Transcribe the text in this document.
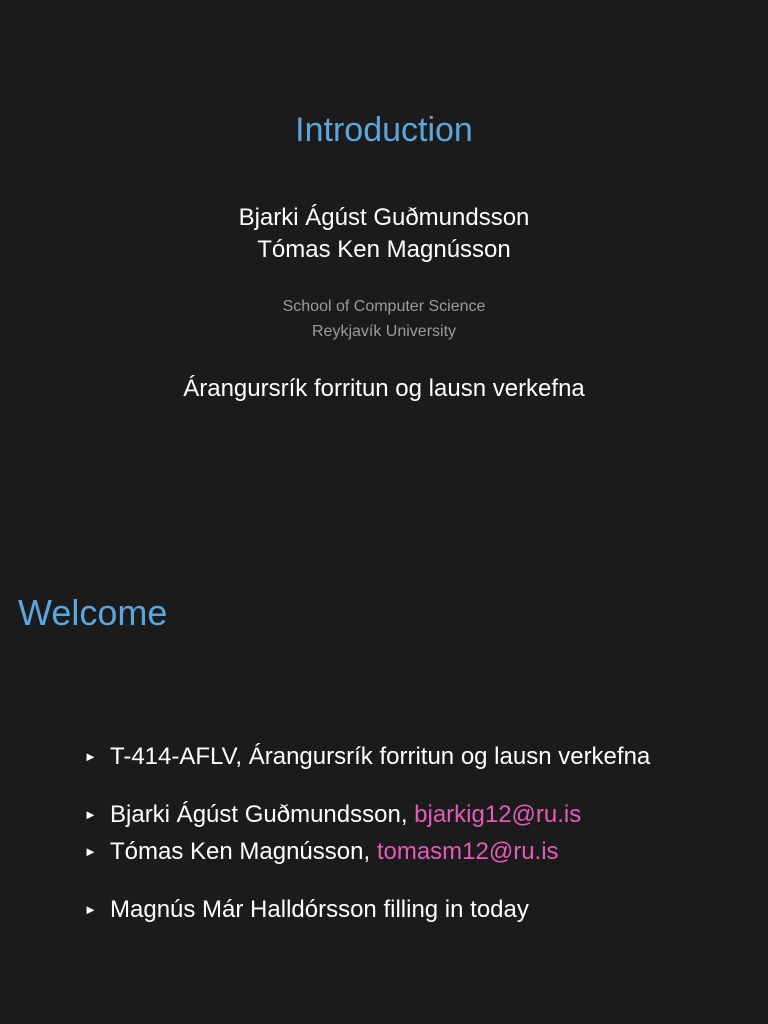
Introduction
Bjarki Ágúst Guðmundsson
Tómas Ken Magnússon
School of Computer Science
Reykjavík University
Árangursrík forritun og lausn verkefna
Welcome
► T-414-AFLV, Árangursrík forritun og lausn verkefna
► Bjarki Ágúst Guðmundsson, bjarkig12@ru.is
► Tómas Ken Magnússon, tomasm12@ru.is
► Magnús Már Halldórsson filling in today
